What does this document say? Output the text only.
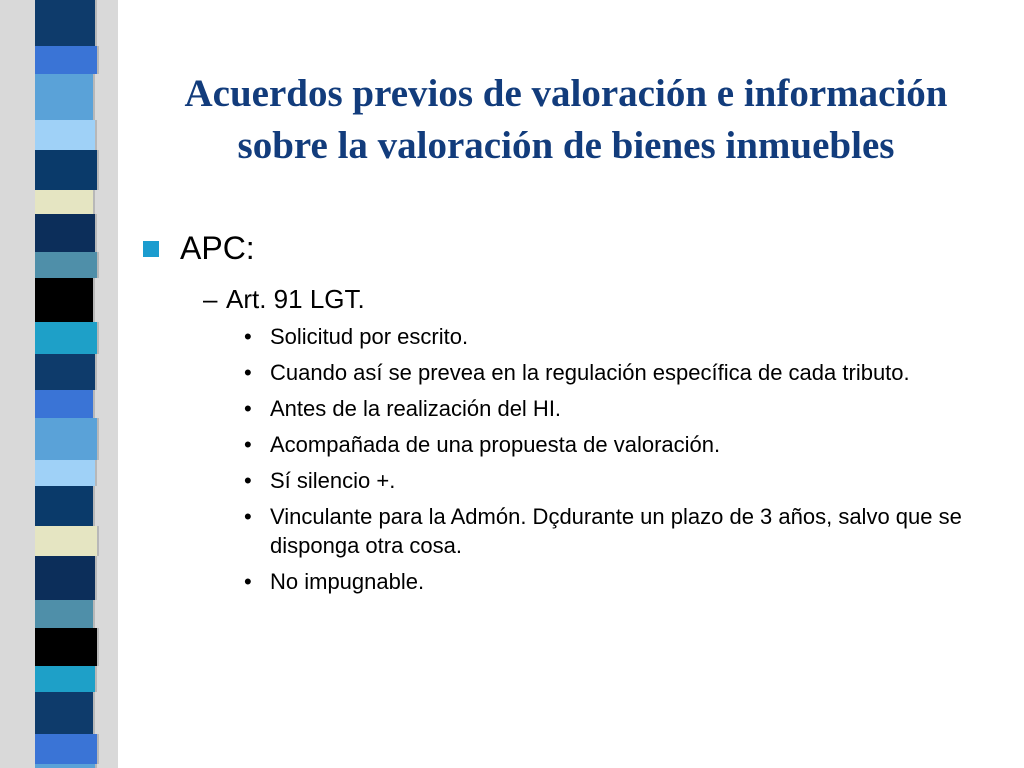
Acuerdos previos de valoración e información sobre la valoración de bienes inmuebles
APC:
– Art. 91 LGT.
• Solicitud por escrito.
• Cuando así se prevea en la regulación específica de cada tributo.
• Antes de la realización del HI.
• Acompañada de una propuesta de valoración.
• Sí silencio +.
• Vinculante para la Admón. Dçdurante un plazo de 3 años, salvo que se disponga otra cosa.
• No impugnable.
